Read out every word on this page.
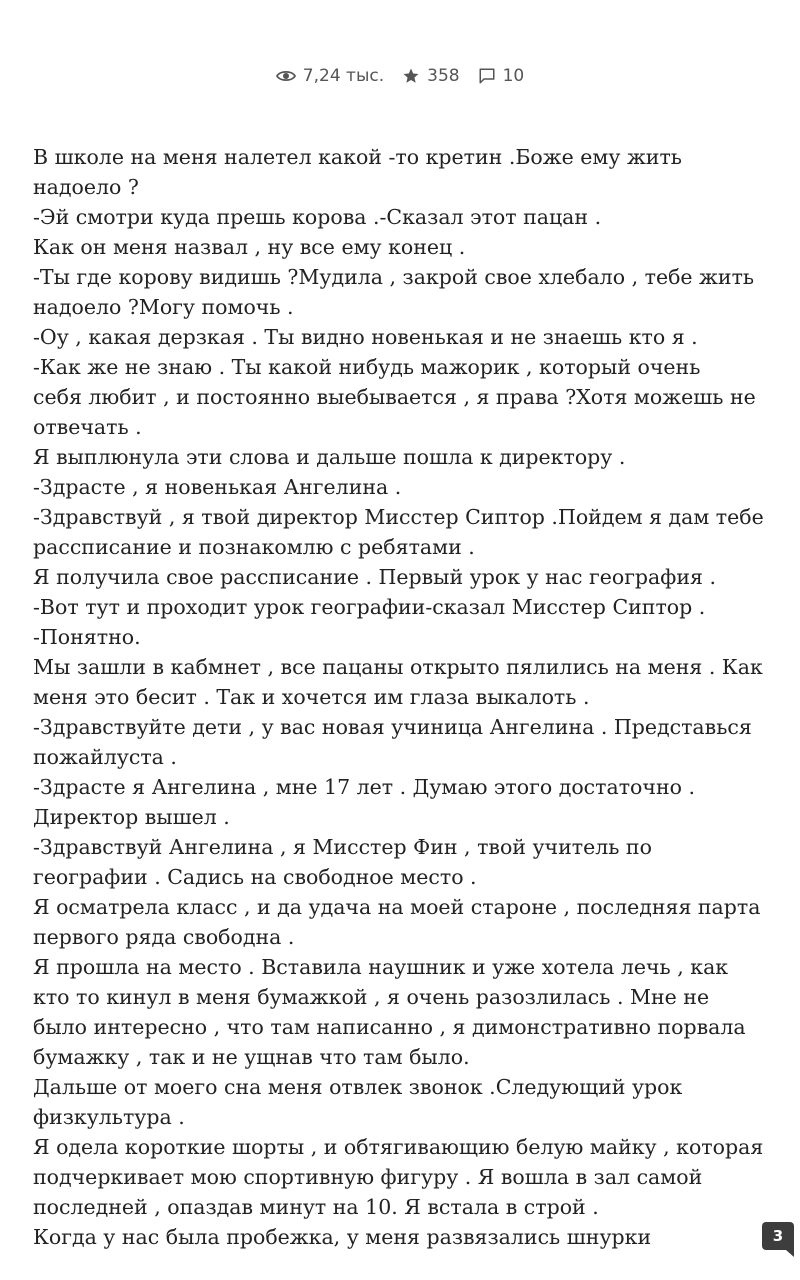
7,24 тыс.	358	10
В школе на меня налетел какой -то кретин .Боже ему жить
надоело ?
-Эй смотри куда прешь корова .-Сказал этот пацан .
Как он меня назвал , ну все ему конец .
-Ты где корову видишь ?Мудила , закрой свое хлебало , тебе жить
надоело ?Могу помочь .
-Оу , какая дерзкая . Ты видно новенькая и не знаешь кто я .
-Как же не знаю . Ты какой нибудь мажорик , который очень
себя любит , и постоянно выебывается , я права ?Хотя можешь не
отвечать .
Я выплюнула эти слова и дальше пошла к директору .
-Здрасте , я новенькая Ангелина .
-Здравствуй , я твой директор Мисстер Сиптор .Пойдем я дам тебе
рассписание и познакомлю с ребятами .
Я получила свое рассписание . Первый урок у нас география .
-Вот тут и проходит урок географии-сказал Мисстер Сиптор .
-Понятно.
Мы зашли в кабмнет , все пацаны открыто пялились на меня . Как
меня это бесит . Так и хочется им глаза выкалоть .
-Здравствуйте дети , у вас новая учиница Ангелина . Представься
пожайлуста .
-Здрасте я Ангелина , мне 17 лет . Думаю этого достаточно .
Директор вышел .
-Здравствуй Ангелина , я Мисстер Фин , твой учитель по
географии . Садись на свободное место .
Я осматрела класс , и да удача на моей староне , последняя парта
первого ряда свободна .
Я прошла на место . Вставила наушник и уже хотела лечь , как
кто то кинул в меня бумажкой , я очень разозлилась . Мне не
было интересно , что там написанно , я димонстративно порвала
бумажку , так и не ущнав что там было.
Дальше от моего сна меня отвлек звонок .Следующий урок
физкультура .
Я одела короткие шорты , и обтягивающию белую майку , которая
подчеркивает мою спортивную фигуру . Я вошла в зал самой
последней , опаздав минут на 10. Я встала в строй .
Когда у нас была пробежка, у меня развязались шнурки	3
